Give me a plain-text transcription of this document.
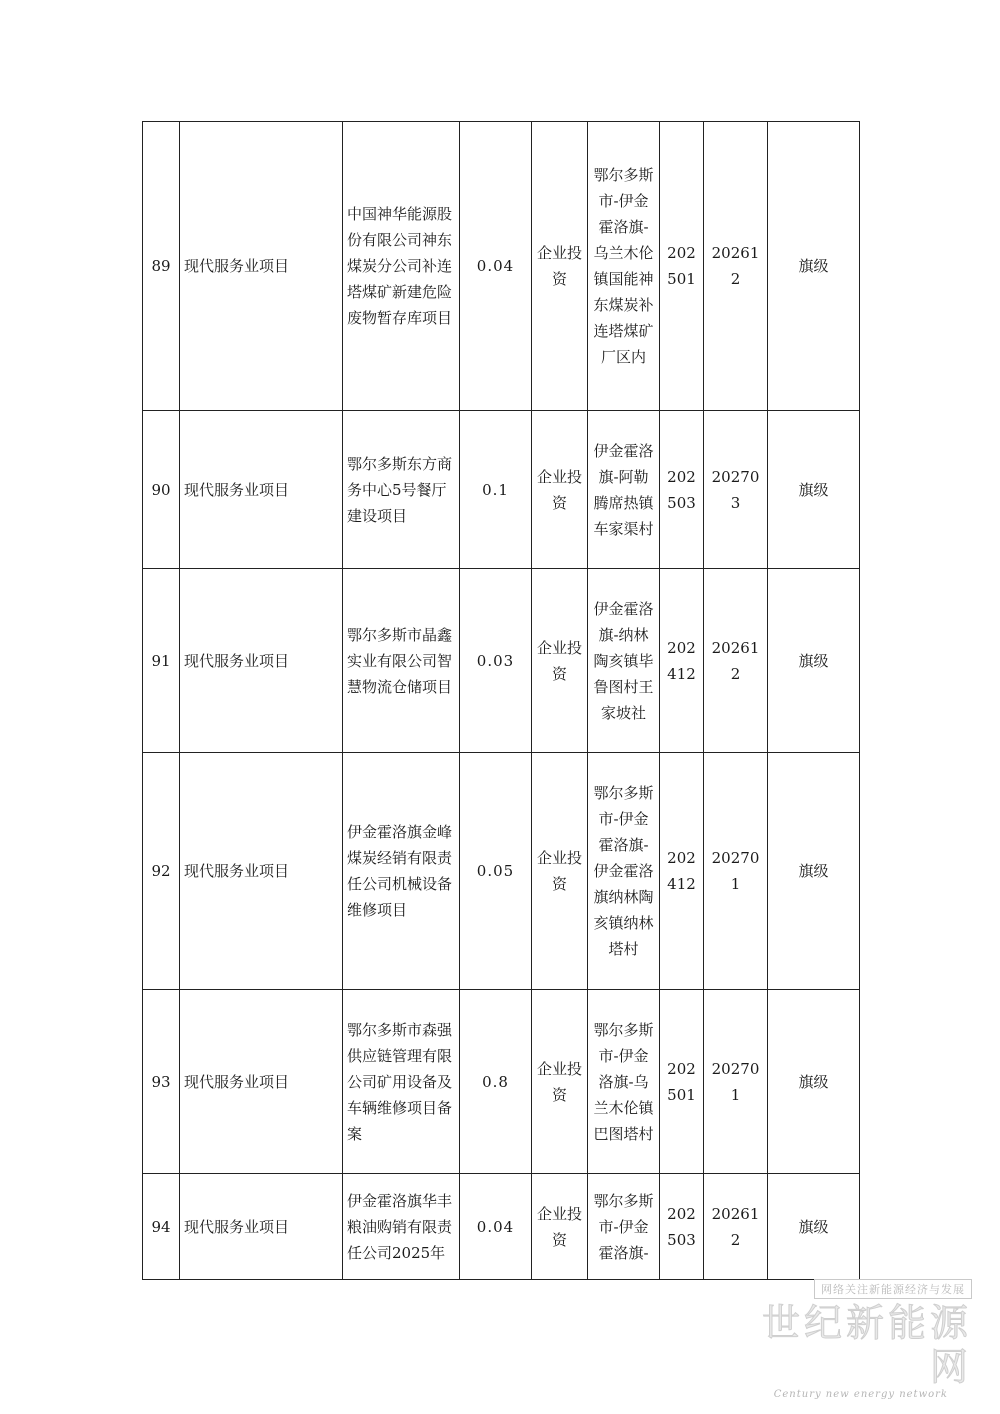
89	现代服务业项目	中国神华能源股份有限公司神东煤炭分公司补连塔煤矿新建危险废物暂存库项目	0.04	企业投资	鄂尔多斯市-伊金霍洛旗-乌兰木伦镇国能神东煤炭补连塔煤矿厂区内	202501	202612	旗级
90	现代服务业项目	鄂尔多斯东方商务中心5号餐厅建设项目	0.1	企业投资	伊金霍洛旗-阿勒腾席热镇车家渠村	202503	202703	旗级
91	现代服务业项目	鄂尔多斯市晶鑫实业有限公司智慧物流仓储项目	0.03	企业投资	伊金霍洛旗-纳林陶亥镇毕鲁图村王家坡社	202412	202612	旗级
92	现代服务业项目	伊金霍洛旗金峰煤炭经销有限责任公司机械设备维修项目	0.05	企业投资	鄂尔多斯市-伊金霍洛旗-伊金霍洛旗纳林陶亥镇纳林塔村	202412	202701	旗级
93	现代服务业项目	鄂尔多斯市森强供应链管理有限公司矿用设备及车辆维修项目备案	0.8	企业投资	鄂尔多斯市-伊金洛旗-乌兰木伦镇巴图塔村	202501	202701	旗级
94	现代服务业项目	伊金霍洛旗华丰粮油购销有限责任公司2025年	0.04	企业投资	鄂尔多斯市-伊金霍洛旗-	202503	202612	旗级
网络关注新能源经济与发展
世纪新能源网
Century new energy network
